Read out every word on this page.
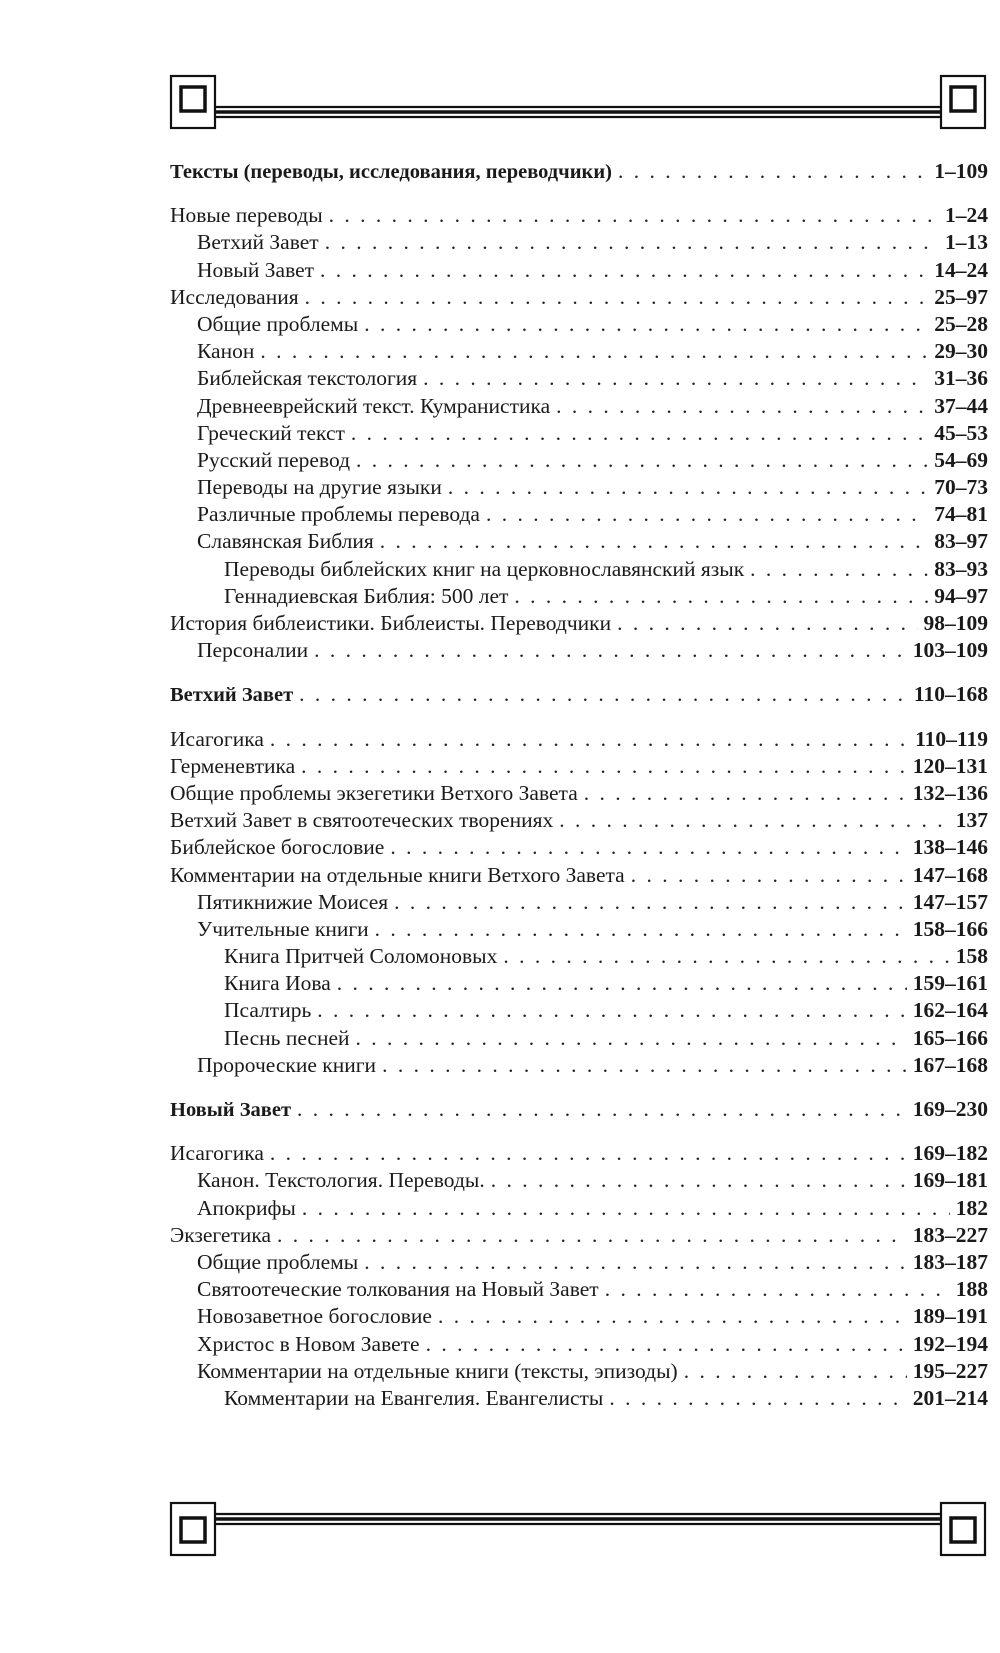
Тексты (переводы, исследования, переводчики) . . .	1–109
Новые переводы . . .	1–24
Ветхий Завет . . .	1–13
Новый Завет . . .	14–24
Исследования . . .	25–97
Общие проблемы . . .	25–28
Канон . . .	29–30
Библейская текстология . . .	31–36
Древнееврейский текст. Кумранистика . . .	37–44
Греческий текст . . .	45–53
Русский перевод . . .	54–69
Переводы на другие языки . . .	70–73
Различные проблемы перевода . . .	74–81
Славянская Библия . . .	83–97
Переводы библейских книг на церковнославянский язык . . .	83–93
Геннадиевская Библия: 500 лет . . .	94–97
История библеистики. Библеисты. Переводчики . . .	98–109
Персоналии . . .	103–109
Ветхий Завет . . .	110–168
Исагогика . . .	110–119
Герменевтика . . .	120–131
Общие проблемы экзегетики Ветхого Завета . . .	132–136
Ветхий Завет в святоотеческих творениях . . .	137
Библейское богословие . . .	138–146
Комментарии на отдельные книги Ветхого Завета . . .	147–168
Пятикнижие Моисея . . .	147–157
Учительные книги . . .	158–166
Книга Притчей Соломоновых . . .	158
Книга Иова . . .	159–161
Псалтирь . . .	162–164
Песнь песней . . .	165–166
Пророческие книги . . .	167–168
Новый Завет . . .	169–230
Исагогика . . .	169–182
Канон. Текстология. Переводы. . . .	169–181
Апокрифы . . .	182
Экзегетика . . .	183–227
Общие проблемы . . .	183–187
Святоотеческие толкования на Новый Завет . . .	188
Новозаветное богословие . . .	189–191
Христос в Новом Завете . . .	192–194
Комментарии на отдельные книги (тексты, эпизоды) . . .	195–227
Комментарии на Евангелия. Евангелисты . . .	201–214
